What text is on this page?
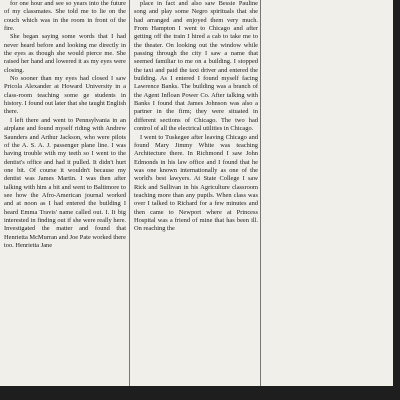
for one hour and see so years into the future of my classmates. She told me to lie on the couch which was in the room in front of the fire.

She began saying some words that I had never heard before and looking me directly in the eyes as though she would pierce me. She raised her hand and lowered it as my eyes were closing.

No sooner than my eyes had closed I saw Pricola Alexander at Howard University in a class-room teaching some ge students in history. I found out later that she taught English there.

I left there and went to Pennsylvania in an airplane and found myself riding with Andrew Saunders and Arthur Jackson, who were pilots of the A. S. A. J. passenger plane line. I was having trouble with my teeth so I went to the dentist's office and had it pulled. It didn't hurt one bit. Of course it wouldn't because my dentist was James Martin. I was then after talking with him a bit and went to Baltimore to see how the Afro-American journal worked and at noon as I had entered the building I heard Emma Travis' name called out. I. It big interested in finding out if she were really here. Investigated the matter and found that Henrietta McMurran and Joe Pate worked there too. Henrietta Jane

place in fact and also saw Bessie Pauline song and play some Negro spirituals that she had arranged and enjoyed them very much. From Hampton I went to Chicago and after getting off the train I hired a cab to take me to the theater. On looking out the window while passing through the city I saw a name that seemed familiar to me on a building. I stopped the taxi and paid the taxi driver and entered the building. As I entered I found myself facing Lawrence Banks. The building was a branch of the Agent Infloan Power Co. After talking with Banks I found that James Johnson was also a partner in the firm; they were situated in different sections of Chicago. The two had control of all the electrical utilities in Chicago.

I went to Tuskegee after leaving Chicago and found Mary Jimmy White was teaching Architecture there. In Richmond I saw John Edmonds in his law office and I found that he was one known internationally as one of the world's best lawyers. At State College I saw Rick and Sullivan in his Agriculture classroom teaching more than any pupils. When class was over I talked to Richard for a few minutes and then came to Newport where at Princess Hospital was a friend of mine that has been ill. On reaching the
